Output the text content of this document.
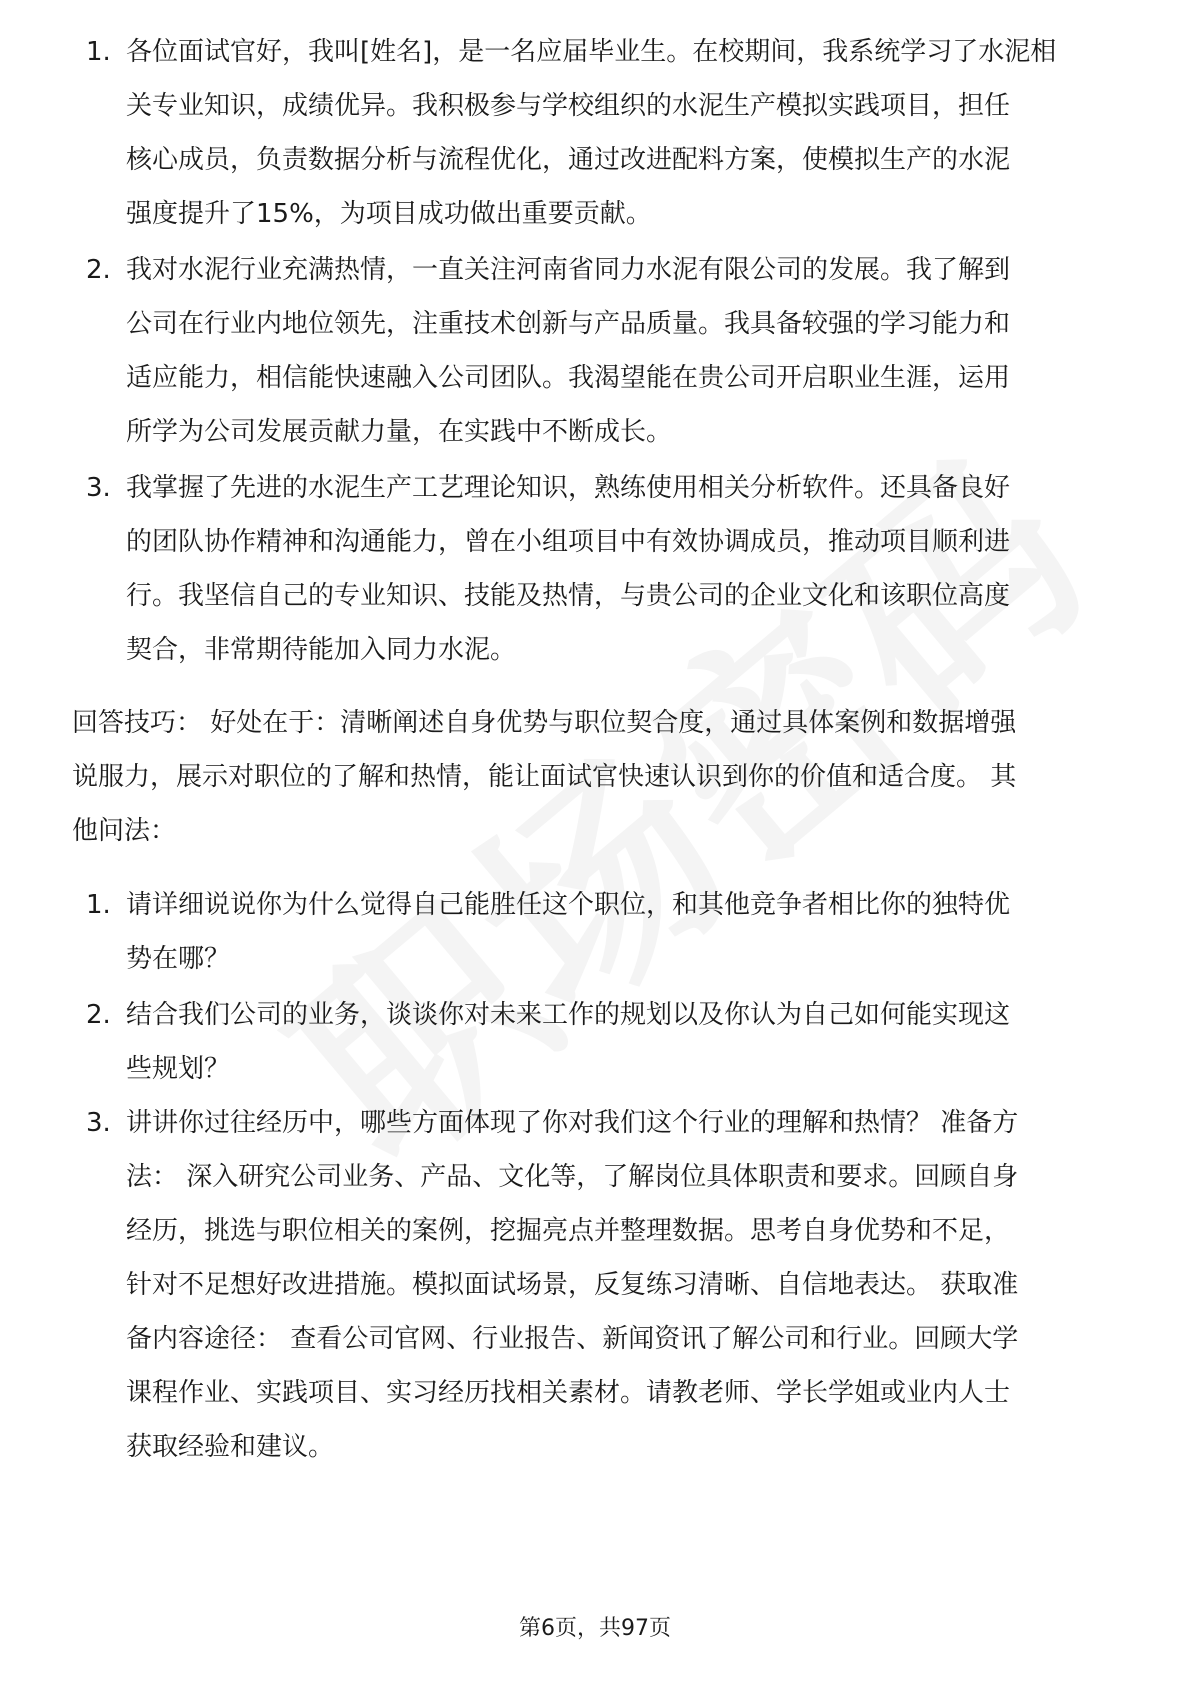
1. 各位面试官好，我叫[姓名]，是一名应届毕业生。在校期间，我系统学习了水泥相
关专业知识，成绩优异。我积极参与学校组织的水泥生产模拟实践项目，担任
核心成员，负责数据分析与流程优化，通过改进配料方案，使模拟生产的水泥
强度提升了15%，为项目成功做出重要贡献。
2. 我对水泥行业充满热情，一直关注河南省同力水泥有限公司的发展。我了解到
公司在行业内地位领先，注重技术创新与产品质量。我具备较强的学习能力和
适应能力，相信能快速融入公司团队。我渴望能在贵公司开启职业生涯，运用
所学为公司发展贡献力量，在实践中不断成长。
3. 我掌握了先进的水泥生产工艺理论知识，熟练使用相关分析软件。还具备良好
的团队协作精神和沟通能力，曾在小组项目中有效协调成员，推动项目顺利进
行。我坚信自己的专业知识、技能及热情，与贵公司的企业文化和该职位高度
契合，非常期待能加入同力水泥。
回答技巧： 好处在于：清晰阐述自身优势与职位契合度，通过具体案例和数据增强
说服力，展示对职位的了解和热情，能让面试官快速认识到你的价值和适合度。 其
他问法：
1. 请详细说说你为什么觉得自己能胜任这个职位，和其他竞争者相比你的独特优
势在哪？
2. 结合我们公司的业务，谈谈你对未来工作的规划以及你认为自己如何能实现这
些规划？
3. 讲讲你过往经历中，哪些方面体现了你对我们这个行业的理解和热情？ 准备方
法： 深入研究公司业务、产品、文化等，了解岗位具体职责和要求。回顾自身
经历，挑选与职位相关的案例，挖掘亮点并整理数据。思考自身优势和不足，
针对不足想好改进措施。模拟面试场景，反复练习清晰、自信地表达。 获取准
备内容途径： 查看公司官网、行业报告、新闻资讯了解公司和行业。回顾大学
课程作业、实践项目、实习经历找相关素材。请教老师、学长学姐或业内人士
获取经验和建议。
第6页，共97页
